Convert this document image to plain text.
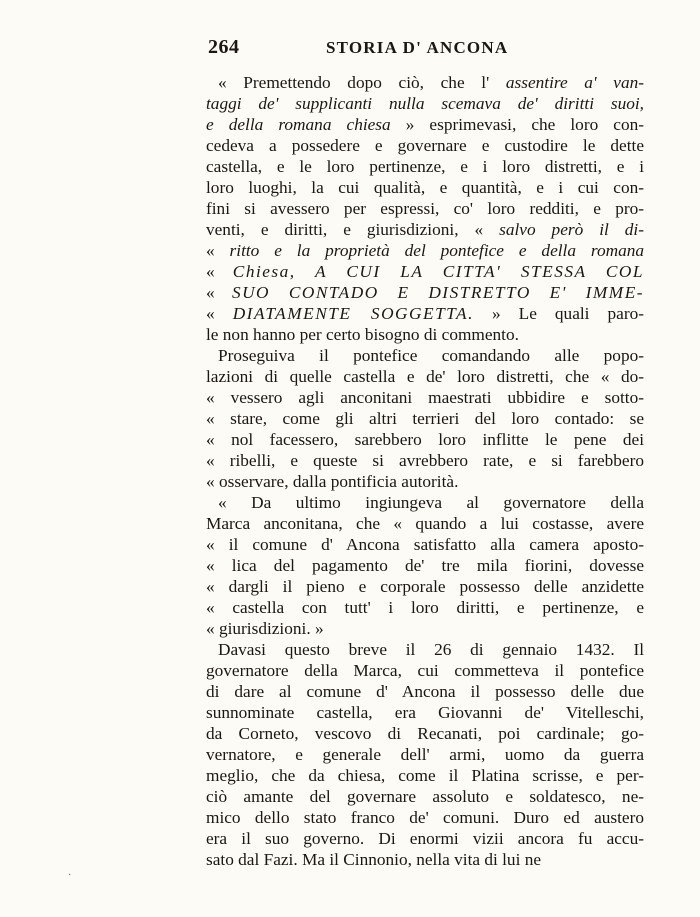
264	STORIA D' ANCONA
« Premettendo dopo ciò, che l' assentire a' van-
taggi de' supplicanti nulla scemava de' diritti suoi,
e della romana chiesa » esprimevasi, che loro con-
cedeva a possedere e governare e custodire le dette
castella, e le loro pertinenze, e i loro distretti, e i
loro luoghi, la cui qualità, e quantità, e i cui con-
fini si avessero per espressi, co' loro redditi, e pro-
venti, e diritti, e giurisdizioni, « salvo però il di-
« ritto e la proprietà del pontefice e della romana
« Chiesa, A CUI LA CITTA' STESSA COL
« SUO CONTADO E DISTRETTO E' IMME-
« DIATAMENTE SOGGETTA. » Le quali paro-
le non hanno per certo bisogno di commento.
Proseguiva il pontefice comandando alle popo-
lazioni di quelle castella e de' loro distretti, che « do-
« vessero agli anconitani maestrati ubbidire e sotto-
« stare, come gli altri terrieri del loro contado: se
« nol facessero, sarebbero loro inflitte le pene dei
« ribelli, e queste si avrebbero rate, e si farebbero
« osservare, dalla pontificia autorità.
« Da ultimo ingiungeva al governatore della
Marca anconitana, che « quando a lui costasse, avere
« il comune d' Ancona satisfatto alla camera aposto-
« lica del pagamento de' tre mila fiorini, dovesse
« dargli il pieno e corporale possesso delle anzidette
« castella con tutt' i loro diritti, e pertinenze, e
« giurisdizioni. »
Davasi questo breve il 26 di gennaio 1432. Il
governatore della Marca, cui commetteva il pontefice
di dare al comune d' Ancona il possesso delle due
sunnominate castella, era Giovanni de' Vitelleschi,
da Corneto, vescovo di Recanati, poi cardinale; go-
vernatore, e generale dell' armi, uomo da guerra
meglio, che da chiesa, come il Platina scrisse, e per-
ciò amante del governare assoluto e soldatesco, ne-
mico dello stato franco de' comuni. Duro ed austero
era il suo governo. Di enormi vizii ancora fu accu-
sato dal Fazi. Ma il Cinnonio, nella vita di lui ne
·
